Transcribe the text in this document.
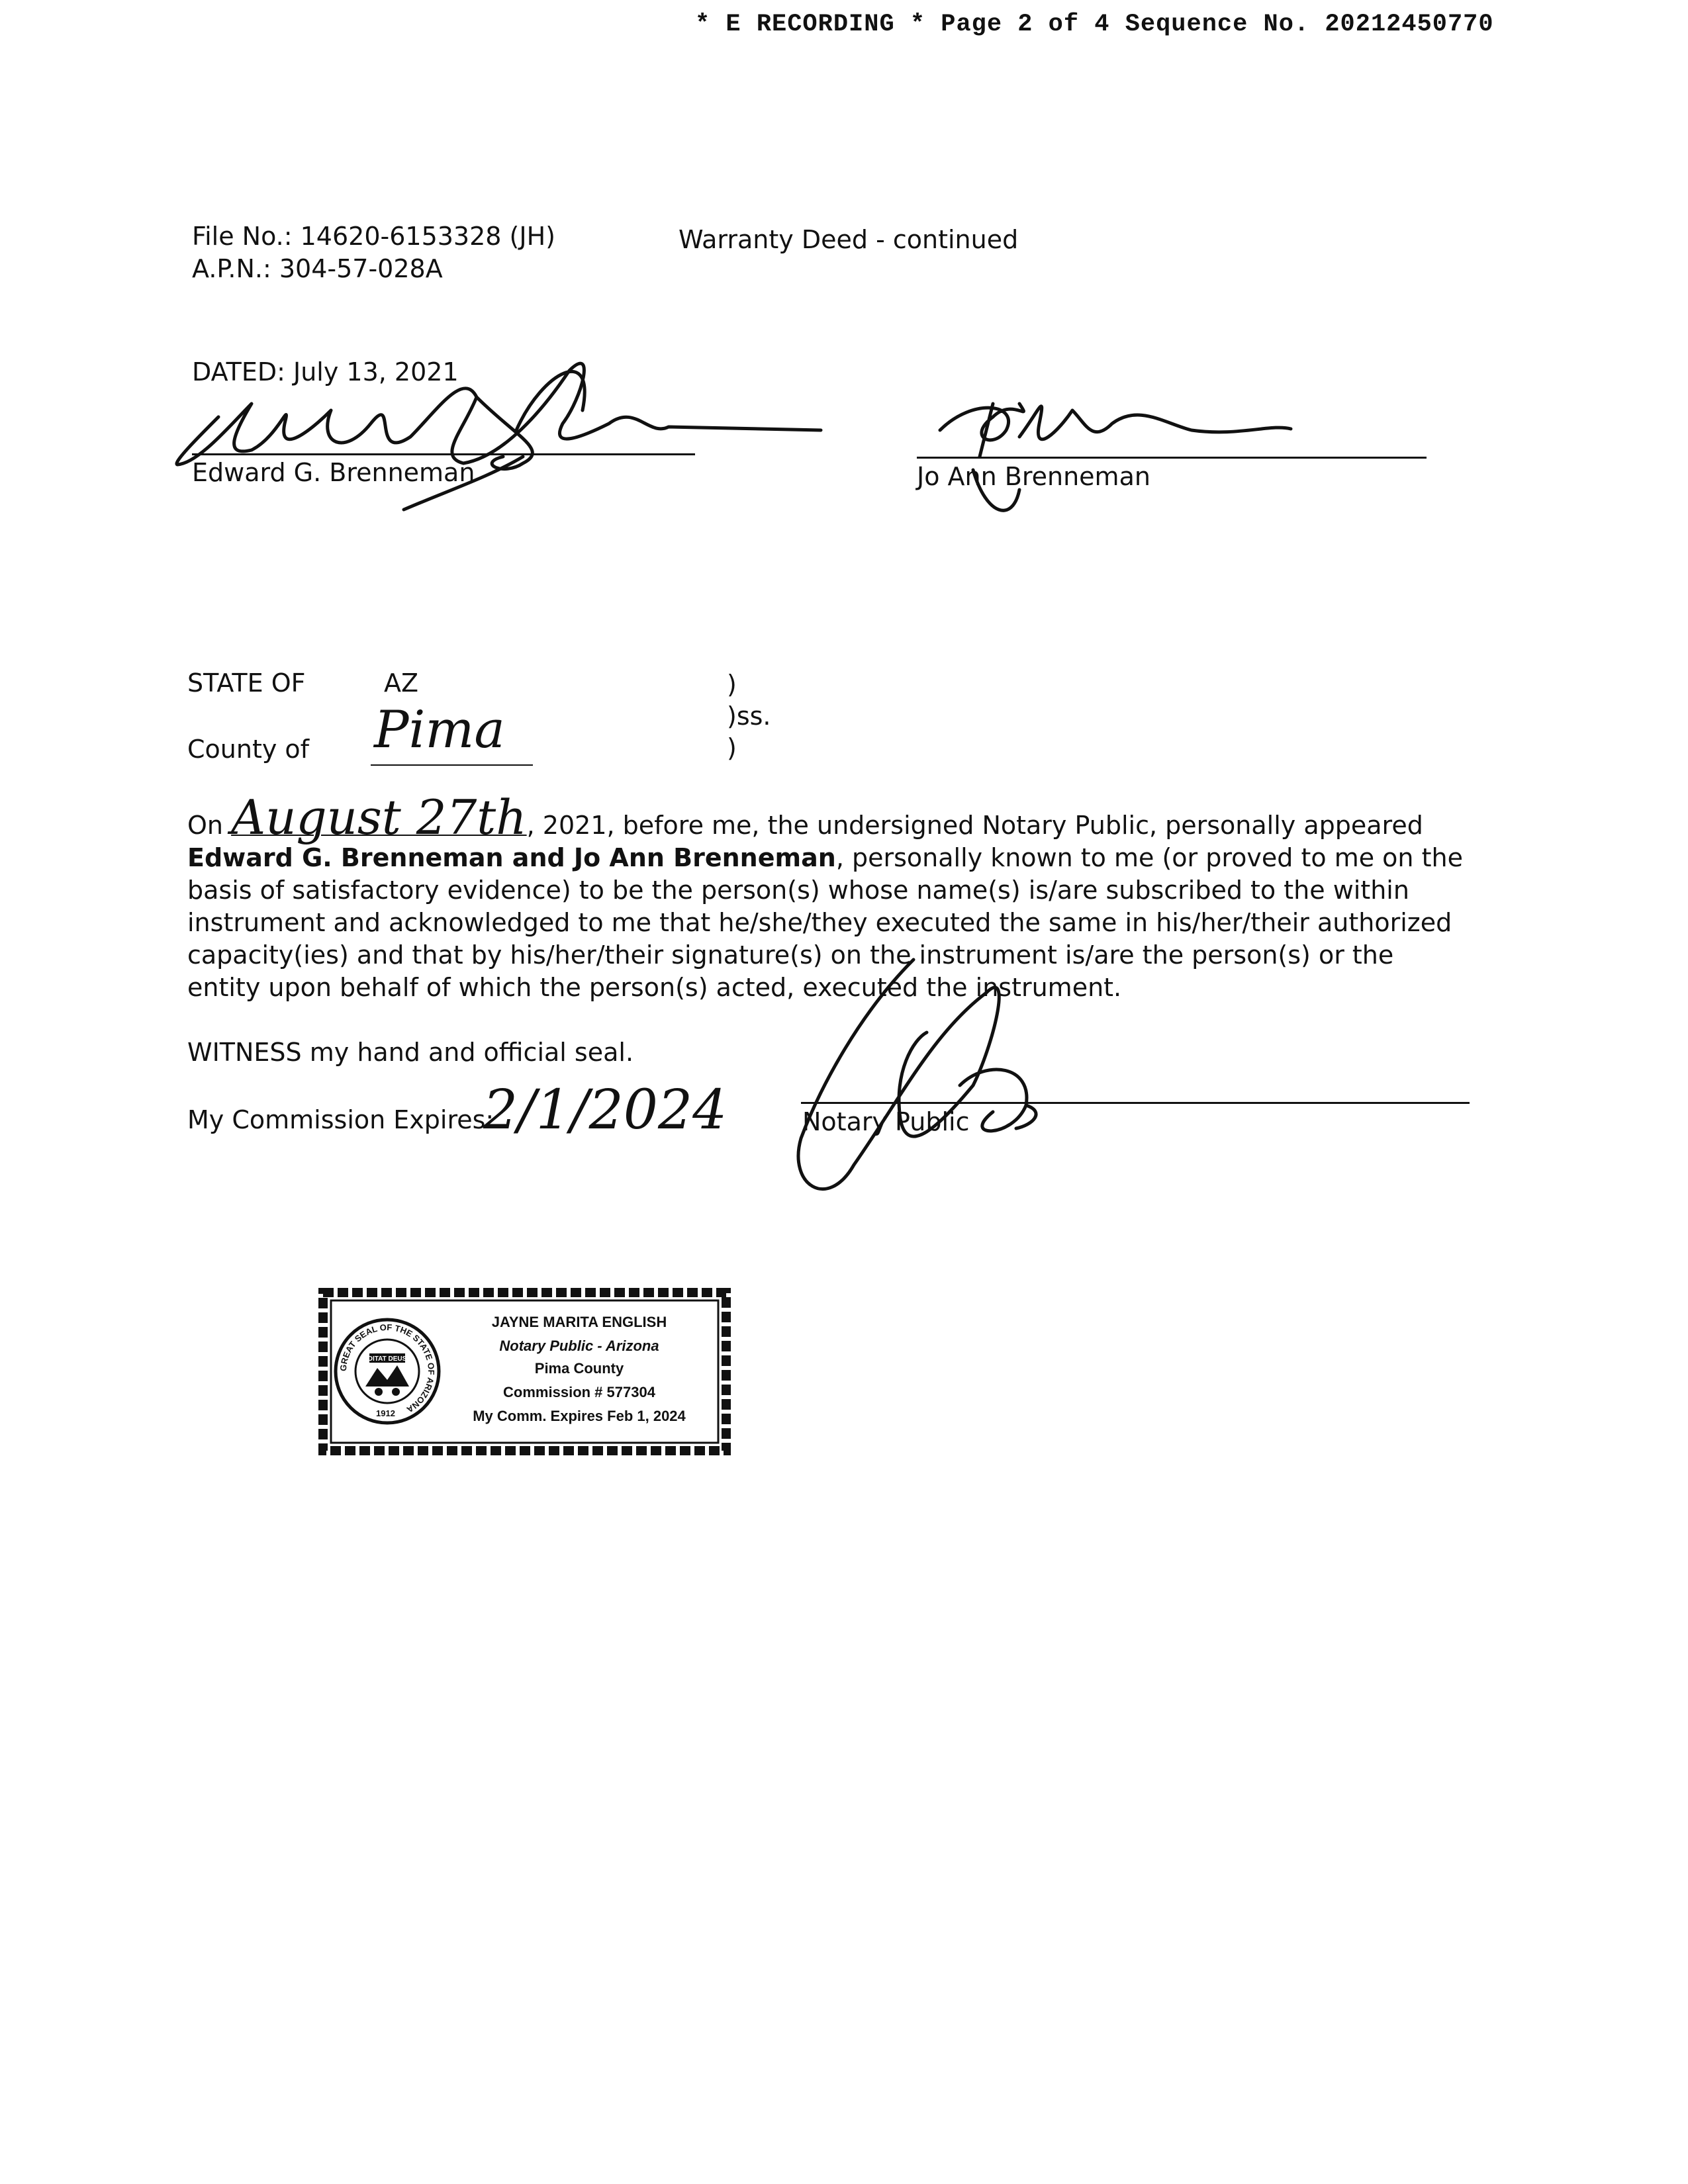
* E RECORDING * Page 2 of 4 Sequence No. 20212450770
File No.: 14620-6153328 (JH)
A.P.N.: 304-57-028A
Warranty Deed - continued
DATED: July 13, 2021
Edward G. Brenneman	Jo Ann Brenneman
STATE OF	AZ
County of Pima
)
)ss.
)
On August 27th, 2021, before me, the undersigned Notary Public, personally appeared Edward G. Brenneman and Jo Ann Brenneman, personally known to me (or proved to me on the basis of satisfactory evidence) to be the person(s) whose name(s) is/are subscribed to the within instrument and acknowledged to me that he/she/they executed the same in his/her/their authorized capacity(ies) and that by his/her/their signature(s) on the instrument is/are the person(s) or the entity upon behalf of which the person(s) acted, executed the instrument.
WITNESS my hand and official seal.
My Commission Expires:
2/1/2024	Notary Public
GREAT SEAL OF THE STATE OF ARIZONA
1912
DITAT DEUS
JAYNE MARITA ENGLISH
Notary Public - Arizona
Pima County
Commission # 577304
My Comm. Expires Feb 1, 2024
